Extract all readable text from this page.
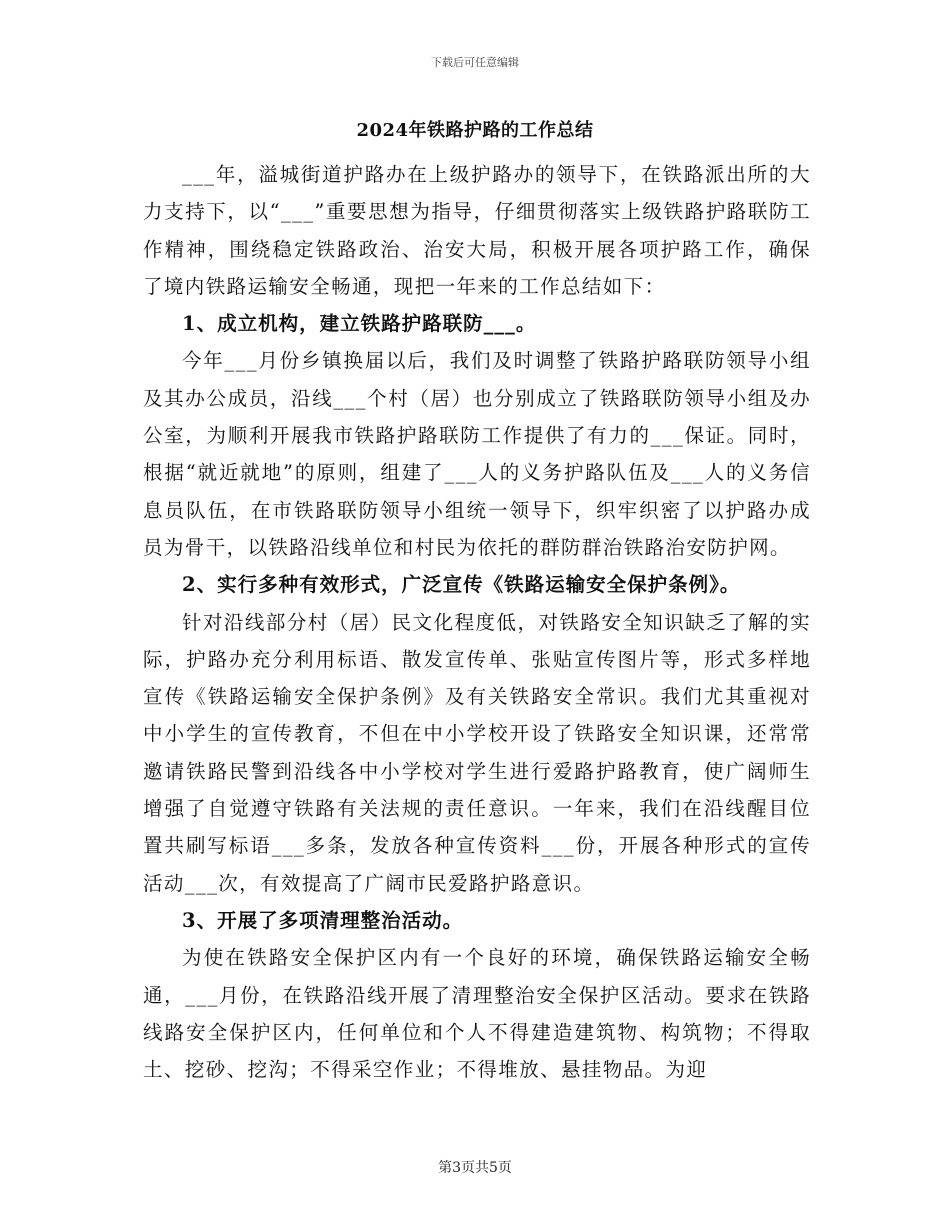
下载后可任意编辑
2024年铁路护路的工作总结

___年，溢城街道护路办在上级护路办的领导下，在铁路派出所的大力支持下，以“___”重要思想为指导，仔细贯彻落实上级铁路护路联防工作精神，围绕稳定铁路政治、治安大局，积极开展各项护路工作，确保了境内铁路运输安全畅通，现把一年来的工作总结如下：

1、成立机构，建立铁路护路联防___。

今年___月份乡镇换届以后，我们及时调整了铁路护路联防领导小组及其办公成员，沿线___个村（居）也分别成立了铁路联防领导小组及办公室，为顺利开展我市铁路护路联防工作提供了有力的___保证。同时，根据“就近就地”的原则，组建了___人的义务护路队伍及___人的义务信息员队伍，在市铁路联防领导小组统一领导下，织牢织密了以护路办成员为骨干，以铁路沿线单位和村民为依托的群防群治铁路治安防护网。

2、实行多种有效形式，广泛宣传《铁路运输安全保护条例》。

针对沿线部分村（居）民文化程度低，对铁路安全知识缺乏了解的实际，护路办充分利用标语、散发宣传单、张贴宣传图片等，形式多样地宣传《铁路运输安全保护条例》及有关铁路安全常识。我们尤其重视对中小学生的宣传教育，不但在中小学校开设了铁路安全知识课，还常常邀请铁路民警到沿线各中小学校对学生进行爱路护路教育，使广阔师生增强了自觉遵守铁路有关法规的责任意识。一年来，我们在沿线醒目位置共刷写标语___多条，发放各种宣传资料___份，开展各种形式的宣传活动___次，有效提高了广阔市民爱路护路意识。

3、开展了多项清理整治活动。

为使在铁路安全保护区内有一个良好的环境，确保铁路运输安全畅通，___月份，在铁路沿线开展了清理整治安全保护区活动。要求在铁路线路安全保护区内，任何单位和个人不得建造建筑物、构筑物；不得取土、挖砂、挖沟；不得采空作业；不得堆放、悬挂物品。为迎

第3页共5页
